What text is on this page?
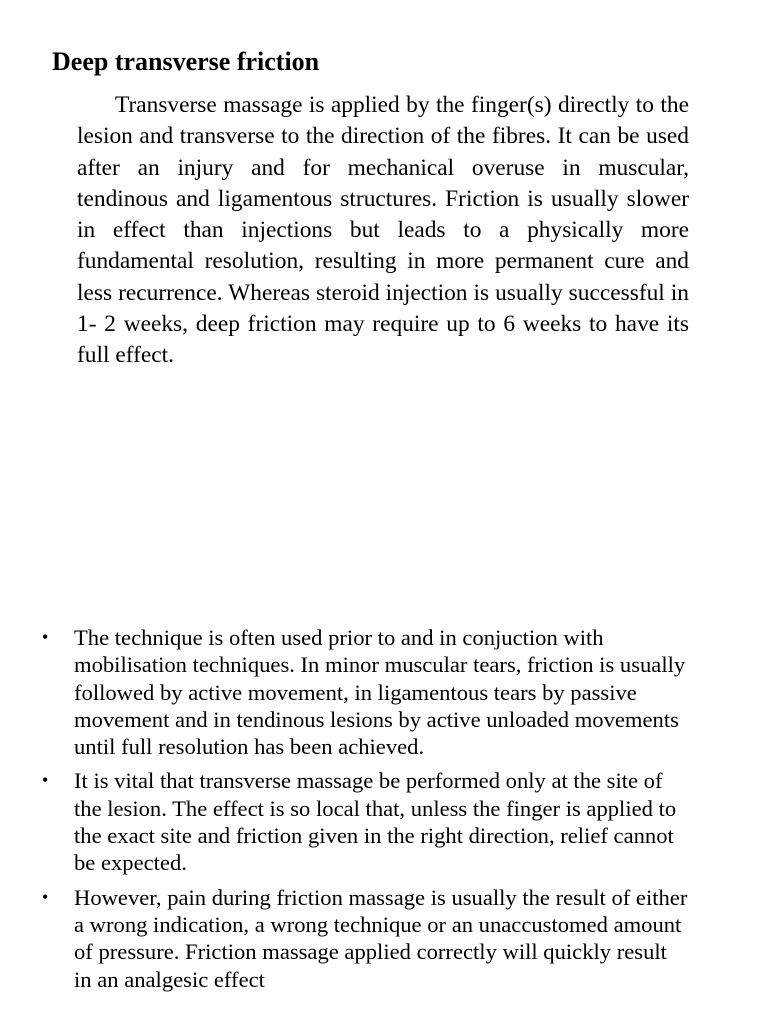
Deep transverse friction

Transverse massage is applied by the finger(s) directly to the lesion and transverse to the direction of the fibres. It can be used after an injury and for mechanical overuse in muscular, tendinous and ligamentous structures. Friction is usually slower in effect than injections but leads to a physically more fundamental resolution, resulting in more permanent cure and less recurrence. Whereas steroid injection is usually successful in 1- 2 weeks, deep friction may require up to 6 weeks to have its full effect.

• The technique is often used prior to and in conjuction with mobilisation techniques. In minor muscular tears, friction is usually followed by active movement, in ligamentous tears by passive movement and in tendinous lesions by active unloaded movements until full resolution has been achieved.
• It is vital that transverse massage be performed only at the site of the lesion. The effect is so local that, unless the finger is applied to the exact site and friction given in the right direction, relief cannot be expected.
• However, pain during friction massage is usually the result of either a wrong indication, a wrong technique or an unaccustomed amount of pressure. Friction massage applied correctly will quickly result in an analgesic effect
